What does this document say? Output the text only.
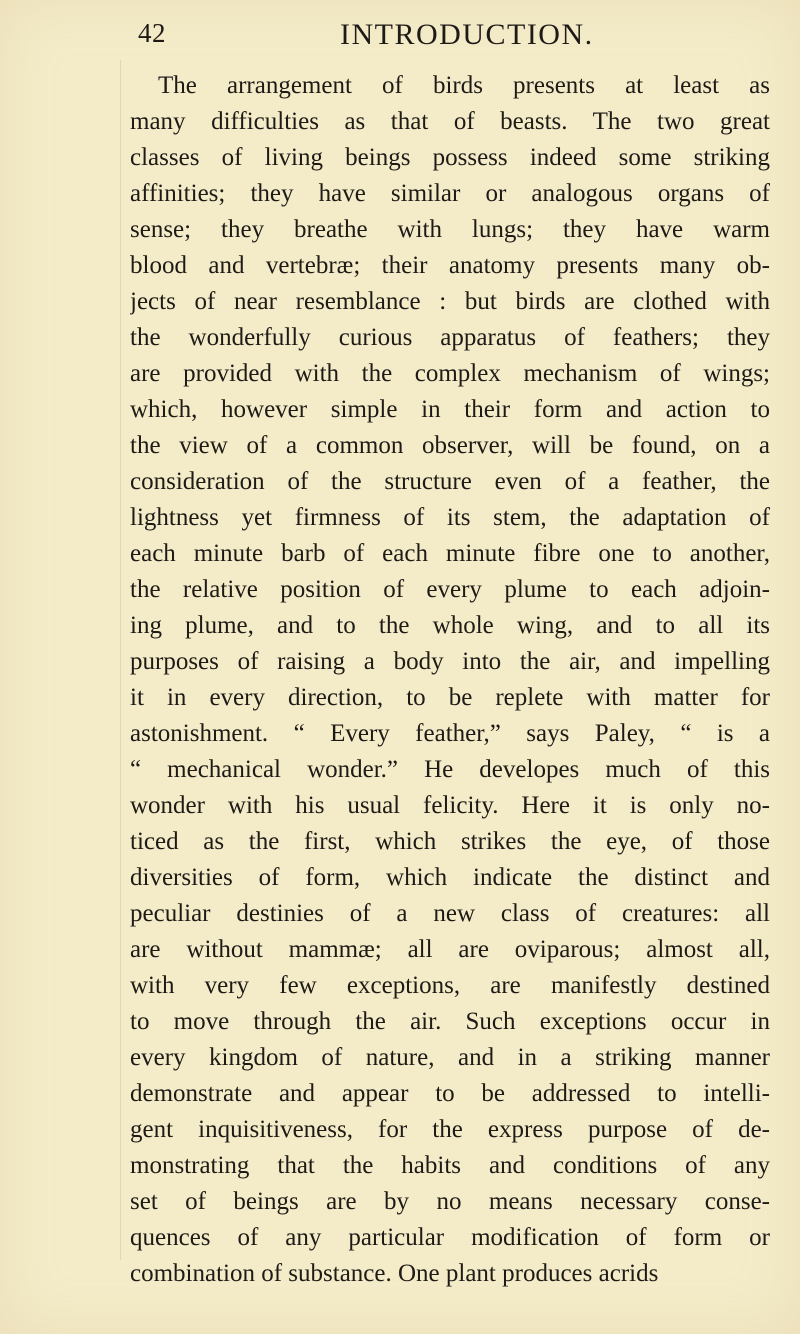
42	INTRODUCTION.
The arrangement of birds presents at least as
many difficulties as that of beasts. The two great
classes of living beings possess indeed some striking
affinities; they have similar or analogous organs of
sense; they breathe with lungs; they have warm
blood and vertebræ; their anatomy presents many ob-
jects of near resemblance : but birds are clothed with
the wonderfully curious apparatus of feathers; they
are provided with the complex mechanism of wings;
which, however simple in their form and action to
the view of a common observer, will be found, on a
consideration of the structure even of a feather, the
lightness yet firmness of its stem, the adaptation of
each minute barb of each minute fibre one to another,
the relative position of every plume to each adjoin-
ing plume, and to the whole wing, and to all its
purposes of raising a body into the air, and impelling
it in every direction, to be replete with matter for
astonishment. “ Every feather,” says Paley, “ is a
“ mechanical wonder.” He developes much of this
wonder with his usual felicity. Here it is only no-
ticed as the first, which strikes the eye, of those
diversities of form, which indicate the distinct and
peculiar destinies of a new class of creatures: all
are without mammæ; all are oviparous; almost all,
with very few exceptions, are manifestly destined
to move through the air. Such exceptions occur in
every kingdom of nature, and in a striking manner
demonstrate and appear to be addressed to intelli-
gent inquisitiveness, for the express purpose of de-
monstrating that the habits and conditions of any
set of beings are by no means necessary conse-
quences of any particular modification of form or
combination of substance. One plant produces acrids
